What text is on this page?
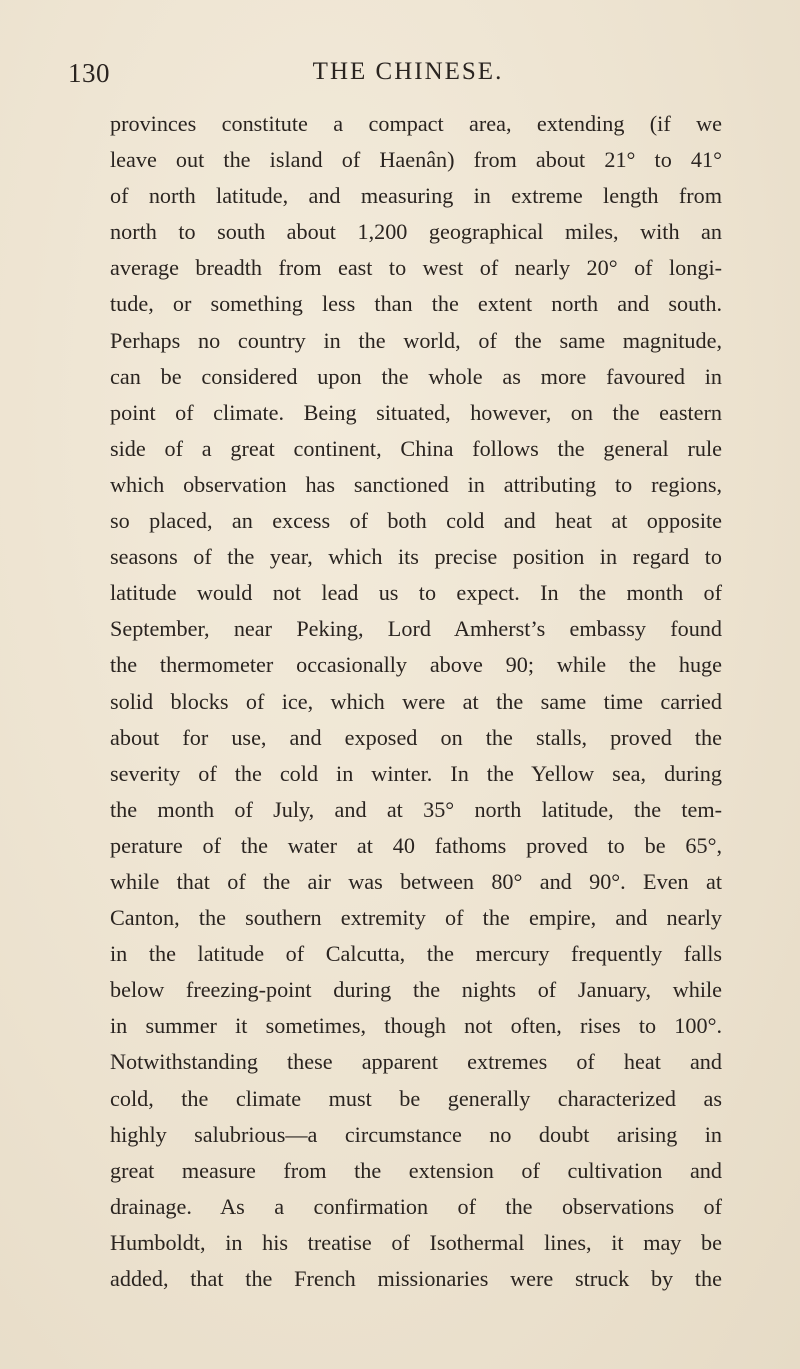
130	THE CHINESE.

provinces constitute a compact area, extending (if we
leave out the island of Haenân) from about 21° to 41°
of north latitude, and measuring in extreme length from
north to south about 1,200 geographical miles, with an
average breadth from east to west of nearly 20° of longi-
tude, or something less than the extent north and south.
Perhaps no country in the world, of the same magnitude,
can be considered upon the whole as more favoured in
point of climate. Being situated, however, on the eastern
side of a great continent, China follows the general rule
which observation has sanctioned in attributing to regions,
so placed, an excess of both cold and heat at opposite
seasons of the year, which its precise position in regard to
latitude would not lead us to expect. In the month of
September, near Peking, Lord Amherst’s embassy found
the thermometer occasionally above 90; while the huge
solid blocks of ice, which were at the same time carried
about for use, and exposed on the stalls, proved the
severity of the cold in winter. In the Yellow sea, during
the month of July, and at 35° north latitude, the tem-
perature of the water at 40 fathoms proved to be 65°,
while that of the air was between 80° and 90°. Even at
Canton, the southern extremity of the empire, and nearly
in the latitude of Calcutta, the mercury frequently falls
below freezing-point during the nights of January, while
in summer it sometimes, though not often, rises to 100°.
Notwithstanding these apparent extremes of heat and
cold, the climate must be generally characterized as
highly salubrious—a circumstance no doubt arising in
great measure from the extension of cultivation and
drainage. As a confirmation of the observations of
Humboldt, in his treatise of Isothermal lines, it may be
added, that the French missionaries were struck by the
